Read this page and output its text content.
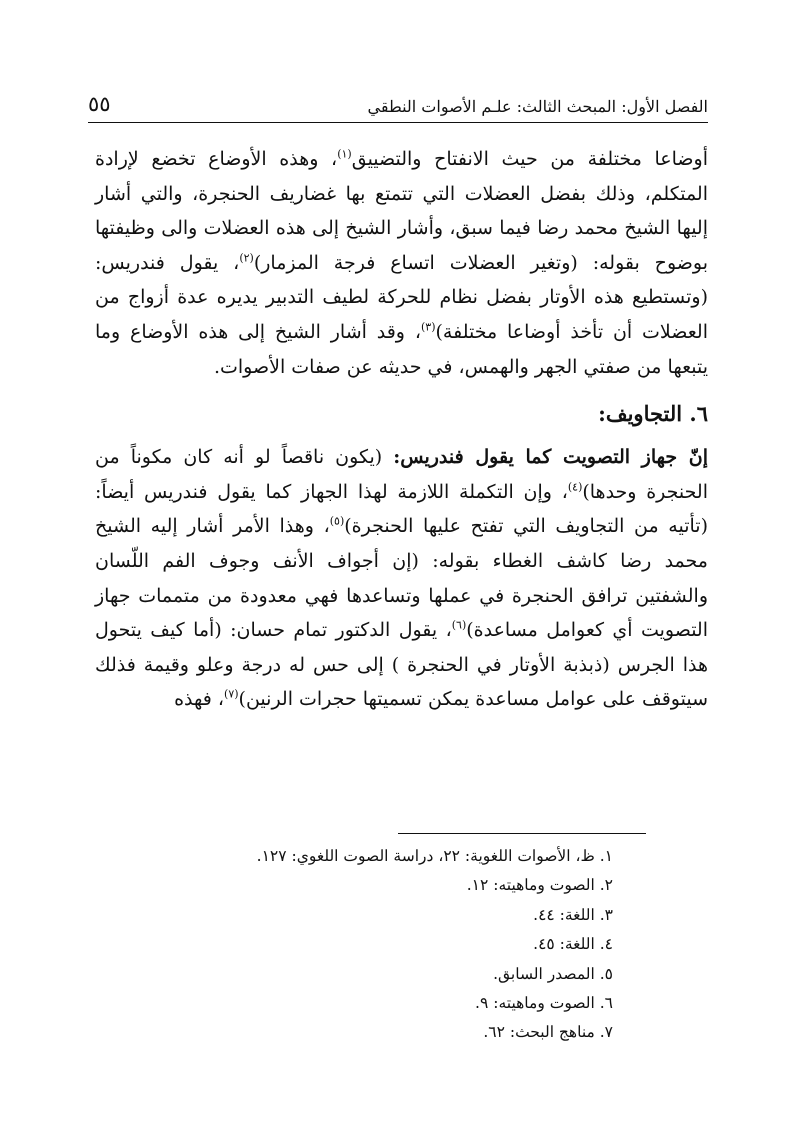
الفصل الأول: المبحث الثالث: علـم الأصوات النطقي
٥٥

أوضاعا مختلفة من حيث الانفتاح والتضييق$^{(١)}$، وهذه الأوضاع تخضع لإرادة المتكلم، وذلك بفضل العضلات التي تتمتع بها غضاريف الحنجرة، والتي أشار إليها الشيخ محمد رضا فيما سبق، وأشار الشيخ إلى هذه العضلات والى وظيفتها بوضوح بقوله: (وتغير العضلات اتساع فرجة المزمار)$^{(٢)}$، يقول فندريس: (وتستطيع هذه الأوتار بفضل نظام للحركة لطيف التدبير يديره عدة أزواج من العضلات أن تأخذ أوضاعا مختلفة)$^{(٣)}$، وقد أشار الشيخ إلى هذه الأوضاع وما يتبعها من صفتي الجهر والهمس، في حديثه عن صفات الأصوات.

٦. التجاويف:

إنّ جهاز التصويت كما يقول فندريس: (يكون ناقصاً لو أنه كان مكوناً من الحنجرة وحدها)$^{(٤)}$، وإن التكملة اللازمة لهذا الجهاز كما يقول فندريس أيضاً: (تأتيه من التجاويف التي تفتح عليها الحنجرة)$^{(٥)}$، وهذا الأمر أشار إليه الشيخ محمد رضا كاشف الغطاء بقوله: (إن أجواف الأنف وجوف الفم اللّسان والشفتين ترافق الحنجرة في عملها وتساعدها فهي معدودة من متممات جهاز التصويت أي كعوامل مساعدة)$^{(٦)}$، يقول الدكتور تمام حسان: (أما كيف يتحول هذا الجرس (ذبذبة الأوتار في الحنجرة ) إلى حس له درجة وعلو وقيمة فذلك سيتوقف على عوامل مساعدة يمكن تسميتها حجرات الرنين)$^{(٧)}$، فهذه

١. ظ، الأصوات اللغوية: ٢٢، دراسة الصوت اللغوي: ١٢٧.
٢. الصوت وماهيته: ١٢.
٣. اللغة: ٤٤.
٤. اللغة: ٤٥.
٥. المصدر السابق.
٦. الصوت وماهيته: ٩.
٧. مناهج البحث: ٦٢.
